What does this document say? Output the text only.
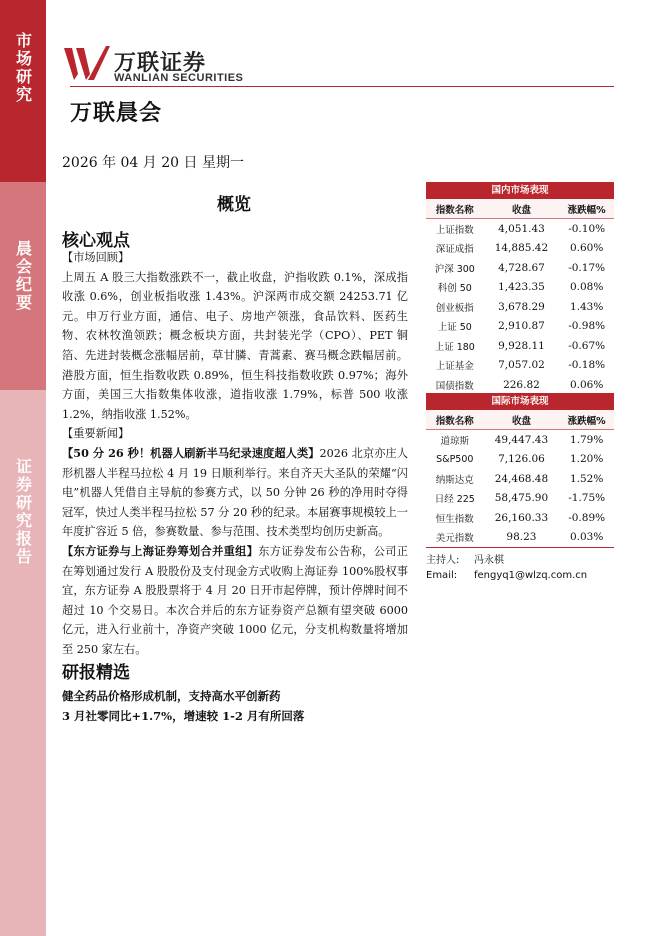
市场研究
晨会纪要
证券研究报告
万联证券
WANLIAN SECURITIES
万联晨会
2026 年 04 月 20 日 星期一
概览
核心观点

【市场回顾】

上周五 A 股三大指数涨跌不一，截止收盘，沪指收跌 0.1%，深成指收涨 0.6%，创业板指收涨 1.43%。沪深两市成交额 24253.71 亿元。申万行业方面，通信、电子、房地产领涨，食品饮料、医药生物、农林牧渔领跌；概念板块方面，共封装光学（CPO）、PET 铜箔、先进封装概念涨幅居前，草甘膦、青蒿素、赛马概念跌幅居前。港股方面，恒生指数收跌 0.89%，恒生科技指数收跌 0.97%；海外方面，美国三大指数集体收涨，道指收涨 1.79%，标普 500 收涨 1.2%，纳指收涨 1.52%。

【重要新闻】

【50 分 26 秒！机器人刷新半马纪录速度超人类】2026 北京亦庄人形机器人半程马拉松 4 月 19 日顺利举行。来自齐天大圣队的荣耀“闪电”机器人凭借自主导航的参赛方式，以 50 分钟 26 秒的净用时夺得冠军，快过人类半程马拉松 57 分 20 秒的纪录。本届赛事规模较上一年度扩容近 5 倍，参赛数量、参与范围、技术类型均创历史新高。

【东方证券与上海证券筹划合并重组】东方证券发布公告称，公司正在筹划通过发行 A 股股份及支付现金方式收购上海证券 100%股权事宜，东方证券 A 股股票将于 4 月 20 日开市起停牌，预计停牌时间不超过 10 个交易日。本次合并后的东方证券资产总额有望突破 6000 亿元，进入行业前十，净资产突破 1000 亿元，分支机构数量将增加至 250 家左右。

研报精选
健全药品价格形成机制，支持高水平创新药
3 月社零同比+1.7%，增速较 1-2 月有所回落
国内市场表现
指数名称	收盘	涨跌幅%
上证指数	4,051.43	-0.10%
深证成指	14,885.42	0.60%
沪深 300	4,728.67	-0.17%
科创 50	1,423.35	0.08%
创业板指	3,678.29	1.43%
上证 50	2,910.87	-0.98%
上证 180	9,928.11	-0.67%
上证基金	7,057.02	-0.18%
国债指数	226.82	0.06%
国际市场表现
指数名称	收盘	涨跌幅%
道琼斯	49,447.43	1.79%
S&P500	7,126.06	1.20%
纳斯达克	24,468.48	1.52%
日经 225	58,475.90	-1.75%
恒生指数	26,160.33	-0.89%
美元指数	98.23	0.03%
主持人: 冯永棋
Email: fengyq1@wlzq.com.cn
